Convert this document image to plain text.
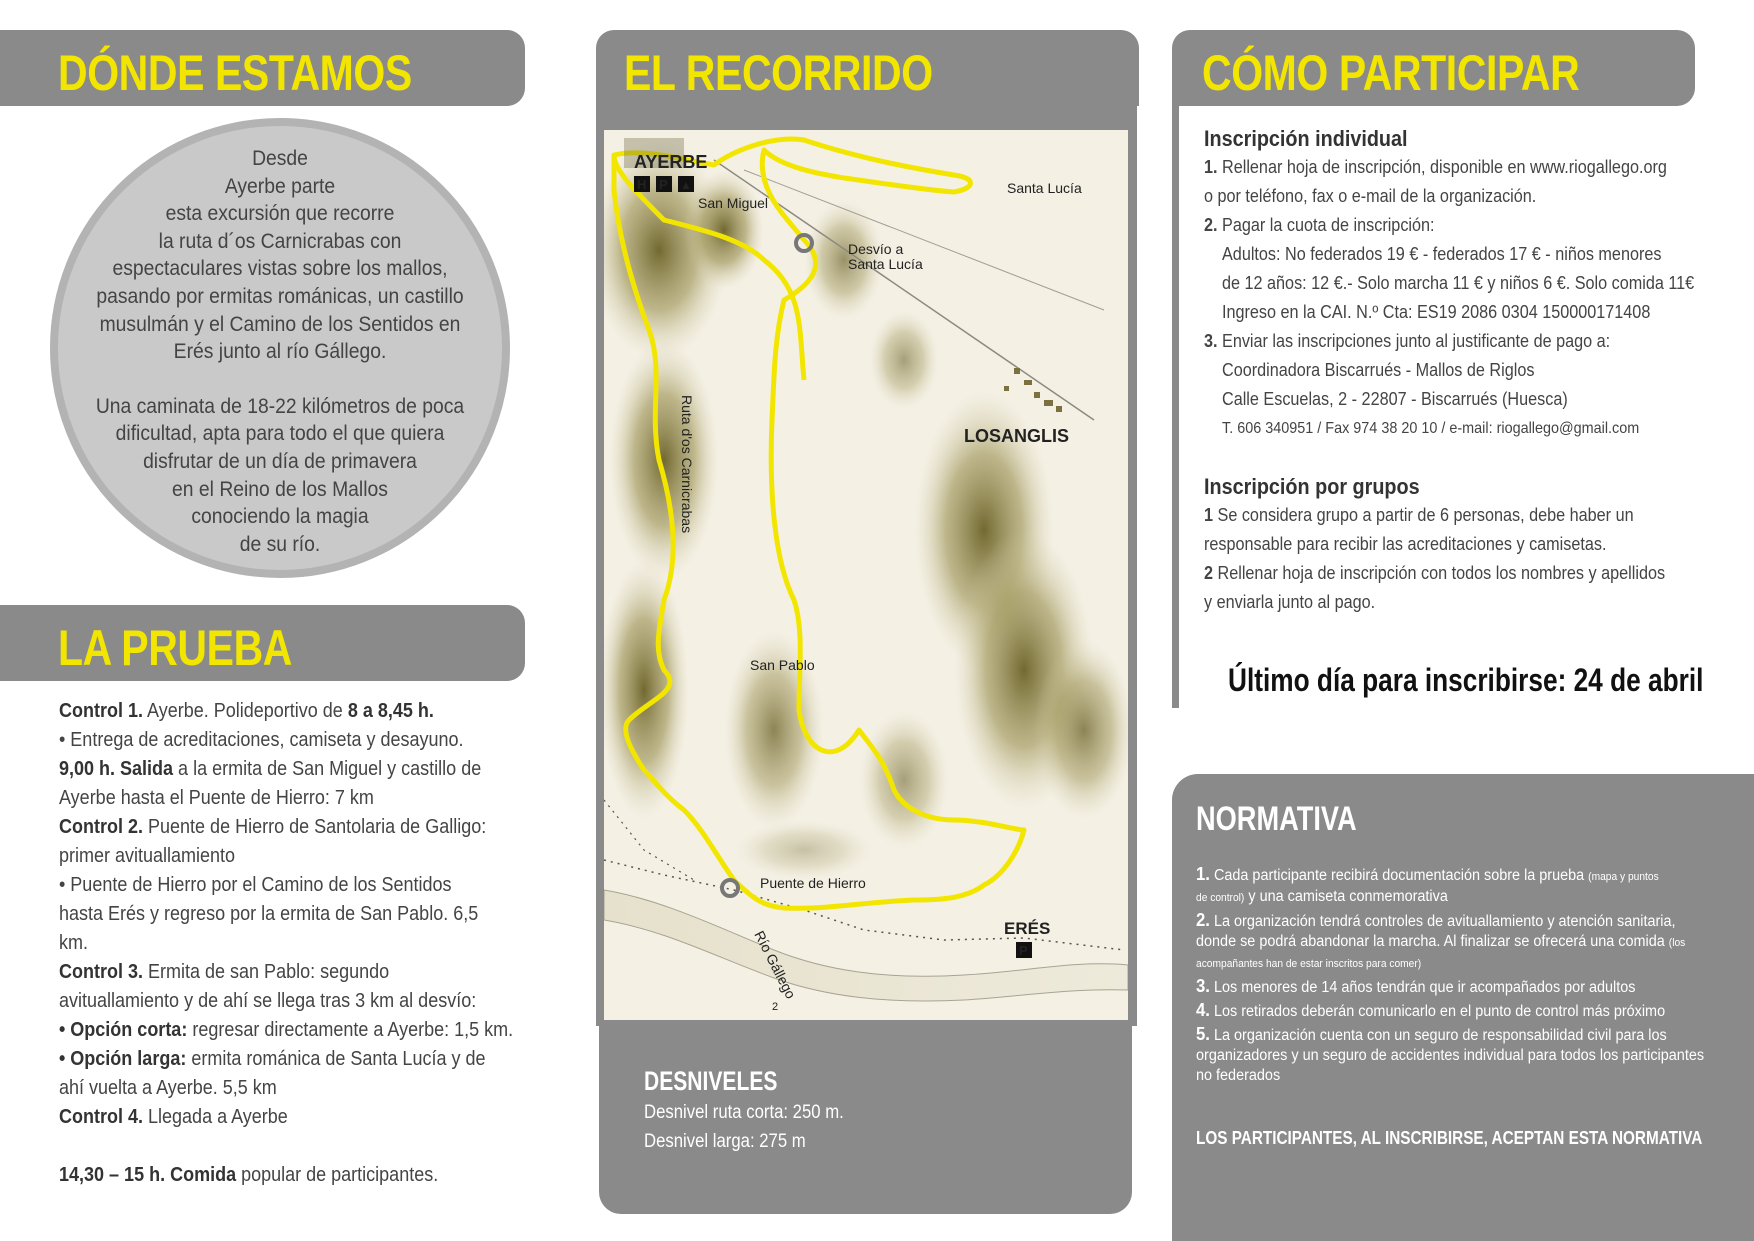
DÓNDE ESTAMOS	EL RECORRIDO	CÓMO PARTICIPAR
LA PRUEBA

Desde
Ayerbe parte
esta excursión que recorre
la ruta d´os Carnicrabas con
espectaculares vistas sobre los mallos,
pasando por ermitas románicas, un castillo
musulmán y el Camino de los Sentidos en
Erés junto al río Gállego.

Una caminata de 18-22 kilómetros de poca
dificultad, apta para todo el que quiera
disfrutar de un día de primavera
en el Reino de los Mallos
conociendo la magia
de su río.

Control 1. Ayerbe. Polideportivo de 8 a 8,45 h.
• Entrega de acreditaciones, camiseta y desayuno.
9,00 h. Salida a la ermita de San Miguel y castillo de
Ayerbe hasta el Puente de Hierro: 7 km
Control 2. Puente de Hierro de Santolaria de Galligo:
primer avituallamiento
• Puente de Hierro por el Camino de los Sentidos
hasta Erés y regreso por la ermita de San Pablo. 6,5
km.
Control 3. Ermita de san Pablo: segundo
avituallamiento y de ahí se llega tras 3 km al desvío:
• Opción corta: regresar directamente a Ayerbe: 1,5 km.
• Opción larga: ermita románica de Santa Lucía y de
ahí vuelta a Ayerbe. 5,5 km
Control 4. Llegada a Ayerbe
14,30 – 15 h. Comida popular de participantes.
AYERBE
H P ▲
San Miguel
Santa Lucía
Desvío a
Santa Lucía
LOSANGLIS
Ruta d'os Carnicrabas
San Pablo
Puente de Hierro
ERÉS
P
Río Gállego
2
DESNIVELES
Desnivel ruta corta: 250 m.
Desnivel larga: 275 m
Inscripción individual
1. Rellenar hoja de inscripción, disponible en www.riogallego.org
o por teléfono, fax o e-mail de la organización.
2. Pagar la cuota de inscripción:
Adultos: No federados 19 € - federados 17 € - niños menores
de 12 años: 12 €.- Solo marcha 11 € y niños 6 €. Solo comida 11€
Ingreso en la CAI. N.º Cta: ES19 2086 0304 150000171408
3. Enviar las inscripciones junto al justificante de pago a:
Coordinadora Biscarrués - Mallos de Riglos
Calle Escuelas, 2 - 22807 - Biscarrués (Huesca)
T. 606 340951 / Fax 974 38 20 10 / e-mail: riogallego@gmail.com
Inscripción por grupos
1 Se considera grupo a partir de 6 personas, debe haber un
responsable para recibir las acreditaciones y camisetas.
2 Rellenar hoja de inscripción con todos los nombres y apellidos
y enviarla junto al pago.
Último día para inscribirse: 24 de abril
NORMATIVA
1. Cada participante recibirá documentación sobre la prueba (mapa y puntos
de control) y una camiseta conmemorativa
2. La organización tendrá controles de avituallamiento y atención sanitaria, donde se podrá abandonar la marcha. Al finalizar se ofrecerá una comida (los acompañantes han de estar inscritos para comer)
3. Los menores de 14 años tendrán que ir acompañados por adultos
4. Los retirados deberán comunicarlo en el punto de control más próximo
5. La organización cuenta con un seguro de responsabilidad civil para los organizadores y un seguro de accidentes individual para todos los participantes no federados
LOS PARTICIPANTES, AL INSCRIBIRSE, ACEPTAN ESTA NORMATIVA
